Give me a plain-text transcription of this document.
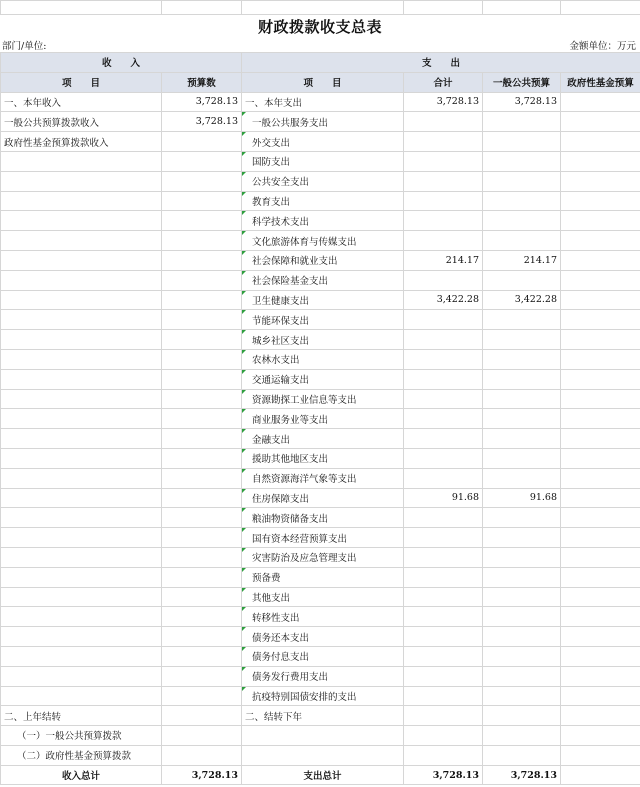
财政拨款收支总表
部门/单位:	金额单位：万元
收　　入		支　　出			
项　　目	预算数	项　　目	合计	一般公共预算	政府性基金预算
一、本年收入	3,728.13	一、本年支出	3,728.13	3,728.13	
一般公共预算拨款收入	3,728.13	一般公共服务支出			
政府性基金预算拨款收入		外交支出			
		国防支出			
		公共安全支出			
		教育支出			
		科学技术支出			
		文化旅游体育与传媒支出			
		社会保障和就业支出	214.17	214.17	
		社会保险基金支出			
		卫生健康支出	3,422.28	3,422.28	
		节能环保支出			
		城乡社区支出			
		农林水支出			
		交通运输支出			
		资源勘探工业信息等支出			
		商业服务业等支出			
		金融支出			
		援助其他地区支出			
		自然资源海洋气象等支出			
		住房保障支出	91.68	91.68	
		粮油物资储备支出			
		国有资本经营预算支出			
		灾害防治及应急管理支出			
		预备费			
		其他支出			
		转移性支出			
		债务还本支出			
		债务付息支出			
		债务发行费用支出			
		抗疫特别国债安排的支出			
二、上年结转		二、结转下年			
（一）一般公共预算拨款					
（二）政府性基金预算拨款					
收入总计	3,728.13	支出总计	3,728.13	3,728.13	
